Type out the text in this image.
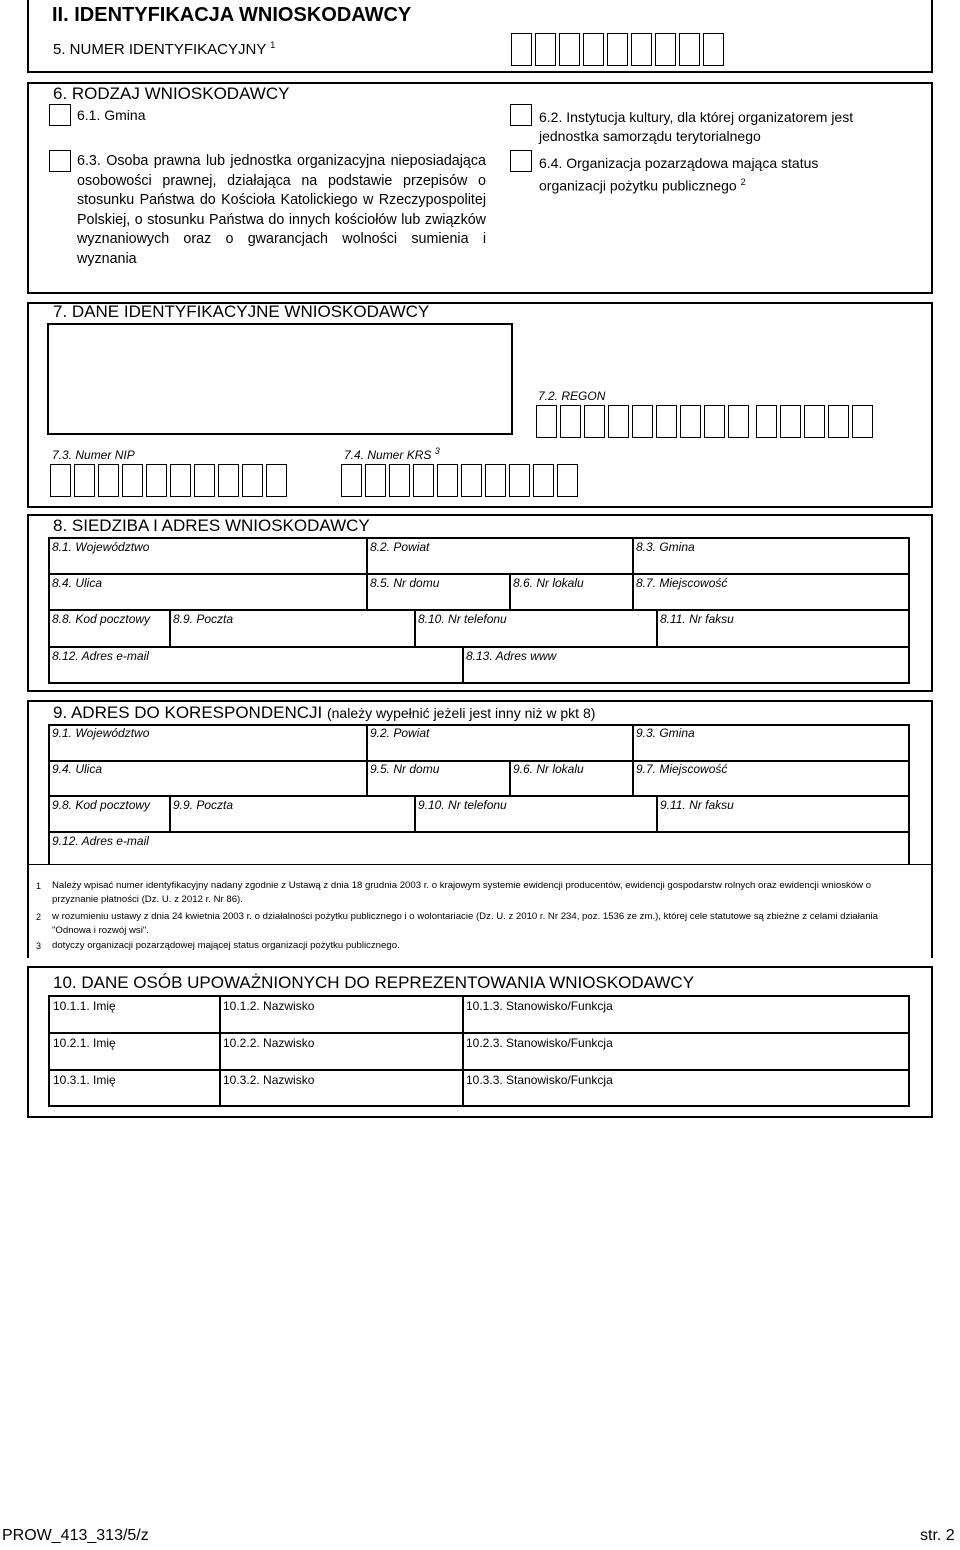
II. IDENTYFIKACJA WNIOSKODAWCY
5. NUMER IDENTYFIKACYJNY $^1$
6. RODZAJ WNIOSKODAWCY
6.1. Gmina
6.3. Osoba prawna lub jednostka organizacyjna nieposiadająca osobowości prawnej, działająca na podstawie przepisów o stosunku Państwa do Kościoła Katolickiego w Rzeczypospolitej Polskiej, o stosunku Państwa do innych kościołów lub związków wyznaniowych oraz o gwarancjach wolności sumienia i wyznania
6.2. Instytucja kultury, dla której organizatorem jest jednostka samorządu terytorialnego
6.4. Organizacja pozarządowa mająca status organizacji pożytku publicznego $^2$
7. DANE IDENTYFIKACYJNE WNIOSKODAWCY
7.2. REGON
7.3. Numer NIP	7.4. Numer KRS $^3$
8. SIEDZIBA I ADRES WNIOSKODAWCY
8.1. Województwo	8.2. Powiat	8.3. Gmina
8.4. Ulica	8.5. Nr domu	8.6. Nr lokalu	8.7. Miejscowość
8.8. Kod pocztowy 8.9. Poczta	8.10. Nr telefonu	8.11. Nr faksu
8.12. Adres e-mail	8.13. Adres www
9. ADRES DO KORESPONDENCJI (należy wypełnić jeżeli jest inny niż w pkt 8)
9.1. Województwo	9.2. Powiat	9.3. Gmina
9.4. Ulica	9.5. Nr domu	9.6. Nr lokalu	9.7. Miejscowość
9.8. Kod pocztowy 9.9. Poczta	9.10. Nr telefonu	9.11. Nr faksu
9.12. Adres e-mail
1 Należy wpisać numer identyfikacyjny nadany zgodnie z Ustawą z dnia 18 grudnia 2003 r. o krajowym systemie ewidencji producentów, ewidencji gospodarstw rolnych oraz ewidencji wniosków o przyznanie płatności (Dz. U. z 2012 r. Nr 86).
2 w rozumieniu ustawy z dnia 24 kwietnia 2003 r. o działalności pożytku publicznego i o wolontariacie (Dz. U. z 2010 r. Nr 234, poz. 1536 ze zm.), której cele statutowe są zbieżne z celami działania "Odnowa i rozwój wsi".
3 dotyczy organizacji pozarządowej mającej status organizacji pożytku publicznego.
10. DANE OSÓB UPOWAŻNIONYCH DO REPREZENTOWANIA WNIOSKODAWCY
10.1.1. Imię	10.1.2. Nazwisko	10.1.3. Stanowisko/Funkcja
10.2.1. Imię	10.2.2. Nazwisko	10.2.3. Stanowisko/Funkcja
10.3.1. Imię	10.3.2. Nazwisko	10.3.3. Stanowisko/Funkcja
PROW_413_313/5/z	str. 2
